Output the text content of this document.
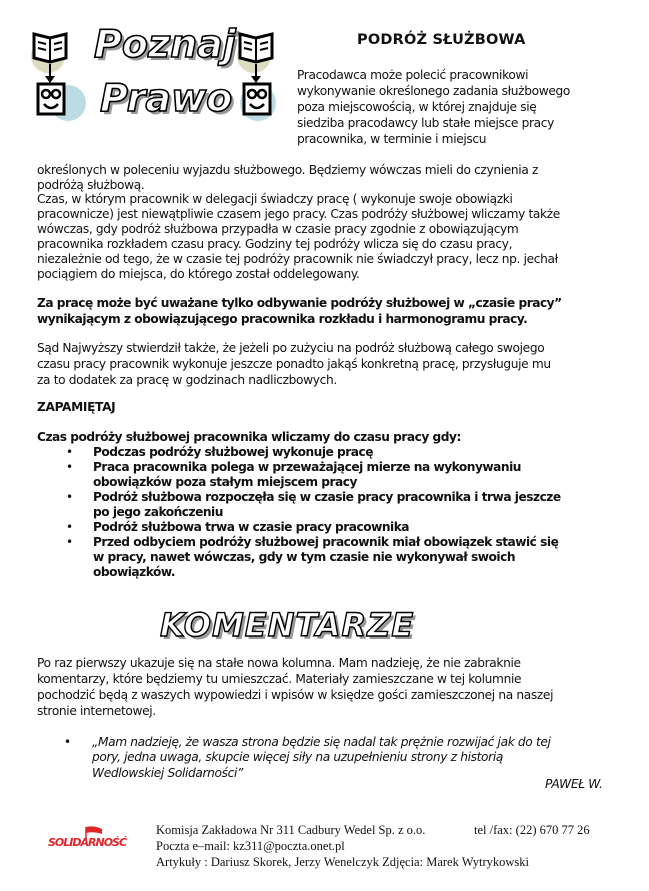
Poznaj
Prawo
PODRÓŻ SŁUŻBOWA
Pracodawca może polecić pracownikowi
wykonywanie określonego zadania służbowego
poza miejscowością, w której znajduje się
siedziba pracodawcy lub stałe miejsce pracy
pracownika, w terminie i miejscu
określonych w poleceniu wyjazdu służbowego. Będziemy wówczas mieli do czynienia z
podróżą służbową.
Czas, w którym pracownik w delegacji świadczy pracę ( wykonuje swoje obowiązki
pracownicze) jest niewątpliwie czasem jego pracy. Czas podróży służbowej wliczamy także
wówczas, gdy podróż służbowa przypadła w czasie pracy zgodnie z obowiązującym
pracownika rozkładem czasu pracy. Godziny tej podróży wlicza się do czasu pracy,
niezależnie od tego, że w czasie tej podróży pracownik nie świadczył pracy, lecz np. jechał
pociągiem do miejsca, do którego został oddelegowany.
Za pracę może być uważane tylko odbywanie podróży służbowej w „czasie pracy”
wynikającym z obowiązującego pracownika rozkładu i harmonogramu pracy.
Sąd Najwyższy stwierdził także, że jeżeli po zużyciu na podróż służbową całego swojego
czasu pracy pracownik wykonuje jeszcze ponadto jakąś konkretną pracę, przysługuje mu
za to dodatek za pracę w godzinach nadliczbowych.
ZAPAMIĘTAJ
Czas podróży służbowej pracownika wliczamy do czasu pracy gdy:
• Podczas podróży służbowej wykonuje pracę
• Praca pracownika polega w przeważającej mierze na wykonywaniu
obowiązków poza stałym miejscem pracy
• Podróż służbowa rozpoczęła się w czasie pracy pracownika i trwa jeszcze
po jego zakończeniu
• Podróż służbowa trwa w czasie pracy pracownika
• Przed odbyciem podróży służbowej pracownik miał obowiązek stawić się
w pracy, nawet wówczas, gdy w tym czasie nie wykonywał swoich
obowiązków.
KOMENTARZE
Po raz pierwszy ukazuje się na stałe nowa kolumna. Mam nadzieję, że nie zabraknie
komentarzy, które będziemy tu umieszczać. Materiały zamieszczane w tej kolumnie
pochodzić będą z waszych wypowiedzi i wpisów w księdze gości zamieszczonej na naszej
stronie internetowej.
• „Mam nadzieję, że wasza strona będzie się nadal tak prężnie rozwijać jak do tej
pory, jedna uwaga, skupcie więcej siły na uzupełnieniu strony z historią
Wedlowskiej Solidarności”
PAWEŁ W.
SOLIDARNOŚĆ
Komisja Zakładowa Nr 311 Cadbury Wedel Sp. z o.o.	tel /fax: (22) 670 77 26
Poczta e–mail: kz311@poczta.onet.pl
Artykuły : Dariusz Skorek, Jerzy Wenelczyk Zdjęcia: Marek Wytrykowski
